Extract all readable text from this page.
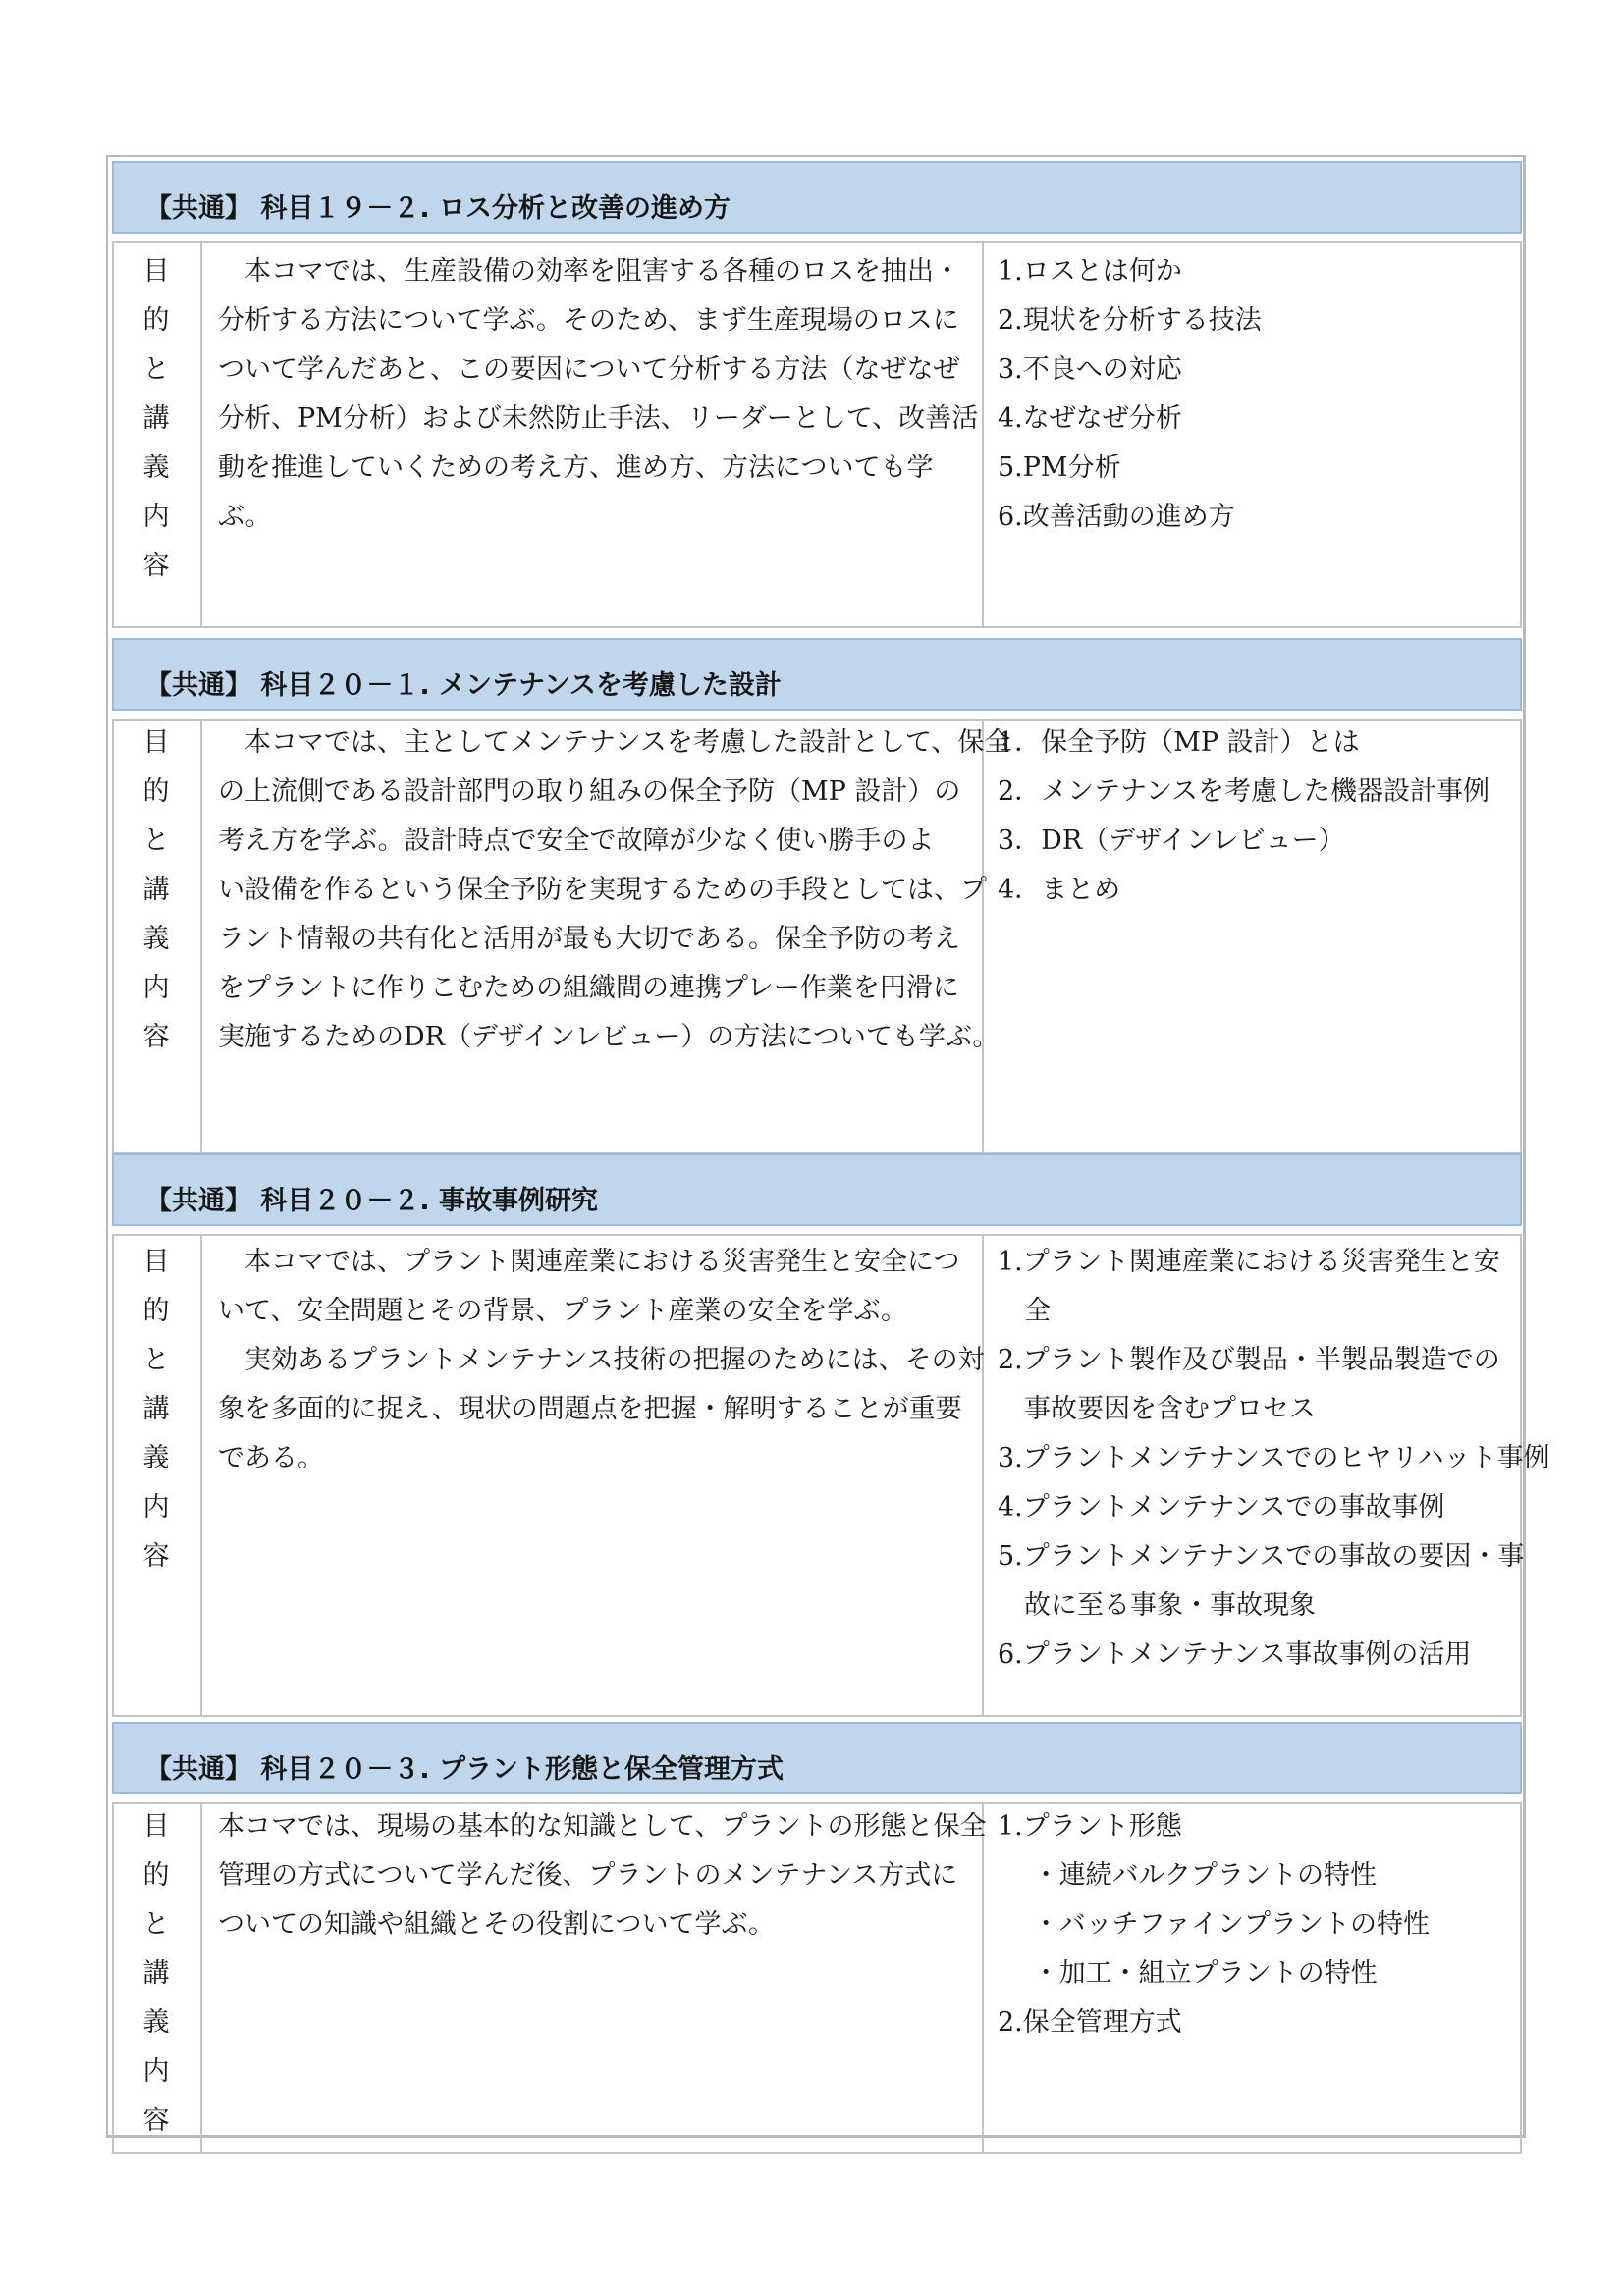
【共通】 科目１９－２. ロス分析と改善の進め方
目
的
と
講
義
内
容
　本コマでは、生産設備の効率を阻害する各種のロスを抽出・
分析する方法について学ぶ。そのため、まず生産現場のロスに
ついて学んだあと、この要因について分析する方法（なぜなぜ
分析、PM分析）および未然防止手法、リーダーとして、改善活
動を推進していくための考え方、進め方、方法についても学
ぶ。
1.ロスとは何か
2.現状を分析する技法
3.不良への対応
4.なぜなぜ分析
5.PM分析
6.改善活動の進め方
【共通】 科目２０－１. メンテナンスを考慮した設計
目
的
と
講
義
内
容
　本コマでは、主としてメンテナンスを考慮した設計として、保全
の上流側である設計部門の取り組みの保全予防（MP 設計）の
考え方を学ぶ。設計時点で安全で故障が少なく使い勝手のよ
い設備を作るという保全予防を実現するための手段としては、プ
ラント情報の共有化と活用が最も大切である。保全予防の考え
をプラントに作りこむための組織間の連携プレー作業を円滑に
実施するためのDR（デザインレビュー）の方法についても学ぶ。
1．保全予防（MP 設計）とは
2．メンテナンスを考慮した機器設計事例
3．DR（デザインレビュー）
4．まとめ
【共通】 科目２０－２. 事故事例研究
目
的
と
講
義
内
容
　本コマでは、プラント関連産業における災害発生と安全につ
いて、安全問題とその背景、プラント産業の安全を学ぶ。
　実効あるプラントメンテナンス技術の把握のためには、その対
象を多面的に捉え、現状の問題点を把握・解明することが重要
である。
1.プラント関連産業における災害発生と安
　全
2.プラント製作及び製品・半製品製造での
　事故要因を含むプロセス
3.プラントメンテナンスでのヒヤリハット事例
4.プラントメンテナンスでの事故事例
5.プラントメンテナンスでの事故の要因・事
　故に至る事象・事故現象
6.プラントメンテナンス事故事例の活用
【共通】 科目２０－３. プラント形態と保全管理方式
目
的
と
講
義
内
容
本コマでは、現場の基本的な知識として、プラントの形態と保全
管理の方式について学んだ後、プラントのメンテナンス方式に
ついての知識や組織とその役割について学ぶ。
1.プラント形態
　 ・連続バルクプラントの特性
　 ・バッチファインプラントの特性
　 ・加工・組立プラントの特性
2.保全管理方式
